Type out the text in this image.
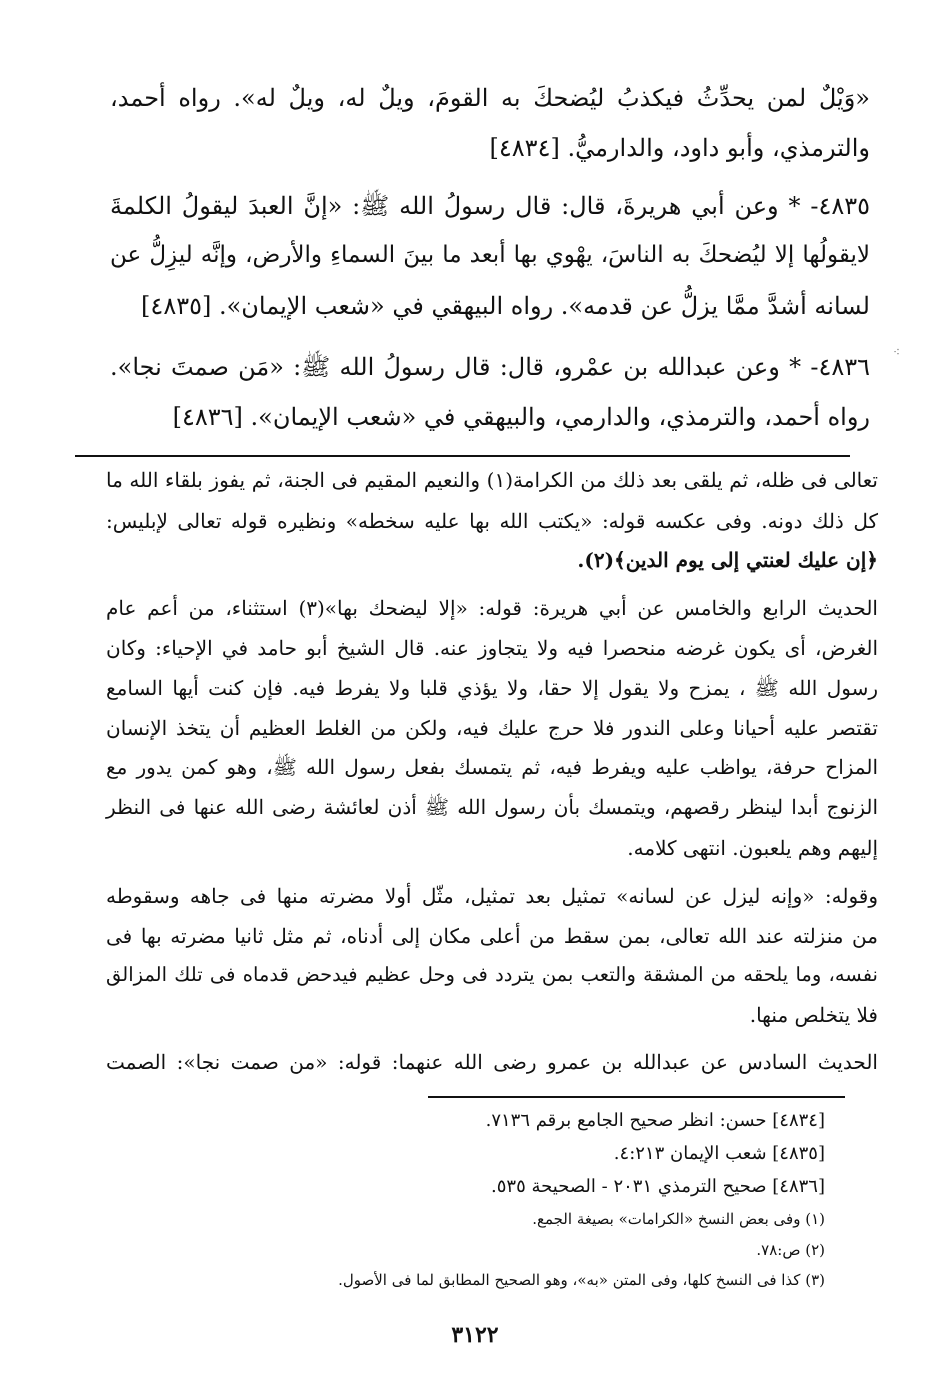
«وَيْلٌ لمن يحدِّثُ فيكذبُ ليُضحكَ به القومَ، ويلٌ له، ويلٌ له». رواه أحمد،
والترمذي، وأبو داود، والدارميُّ. [٤٨٣٤]
٤٨٣٥- * وعن أبي هريرةَ، قال: قال رسولُ الله ﷺ: «إنَّ العبدَ ليقولُ الكلمةَ
لايقولُها إلا ليُضحكَ به الناسَ، يهْوي بها أبعد ما بينَ السماءِ والأرض، وإنَّه ليزِلُّ عن
لسانه أشدَّ ممَّا يزلُّ عن قدمه». رواه البيهقي في «شعب الإيمان». [٤٨٣٥]
٤٨٣٦- * وعن عبدالله بن عمْرو، قال: قال رسولُ الله ﷺ: «مَن صمتَ نجا».
رواه أحمد، والترمذي، والدارمي، والبيهقي في «شعب الإيمان». [٤٨٣٦]
تعالى فى ظله، ثم يلقى بعد ذلك من الكرامة(١) والنعيم المقيم فى الجنة، ثم يفوز بلقاء الله ما
كل ذلك دونه. وفى عكسه قوله: «يكتب الله بها عليه سخطه» ونظيره قوله تعالى لإبليس:
﴿إن عليك لعنتي إلى يوم الدين﴾(٢).
الحديث الرابع والخامس عن أبي هريرة: قوله: «إلا ليضحك بها»(٣) استثناء، من أعم عام
الغرض، أى يكون غرضه منحصرا فيه ولا يتجاوز عنه. قال الشيخ أبو حامد في الإحياء: وكان
رسول الله ﷺ ، يمزح ولا يقول إلا حقا، ولا يؤذي قلبا ولا يفرط فيه. فإن كنت أيها السامع
تقتصر عليه أحيانا وعلى الندور فلا حرج عليك فيه، ولكن من الغلط العظيم أن يتخذ الإنسان
المزاح حرفة، يواظب عليه ويفرط فيه، ثم يتمسك بفعل رسول الله ﷺ، وهو كمن يدور مع
الزنوج أبدا لينظر رقصهم، ويتمسك بأن رسول الله ﷺ أذن لعائشة رضى الله عنها فى النظر
إليهم وهم يلعبون. انتهى كلامه.
وقوله: «وإنه ليزل عن لسانه» تمثيل بعد تمثيل، مثّل أولا مضرته منها فى جاهه وسقوطه
من منزلته عند الله تعالى، بمن سقط من أعلى مكان إلى أدناه، ثم مثل ثانيا مضرته بها فى
نفسه، وما يلحقه من المشقة والتعب بمن يتردد فى وحل عظيم فيدحض قدماه فى تلك المزالق
فلا يتخلص منها.
الحديث السادس عن عبدالله بن عمرو رضى الله عنهما: قوله: «من صمت نجا»: الصمت
[٤٨٣٤] حسن: انظر صحيح الجامع برقم ٧١٣٦.
[٤٨٣٥] شعب الإيمان ٤:٢١٣.
[٤٨٣٦] صحيح الترمذي ٢٠٣١ - الصحيحة ٥٣٥.
(١) وفى بعض النسخ «الكرامات» بصيغة الجمع.
(٢) ص:٧٨.
(٣) كذا فى النسخ كلها، وفى المتن «به»، وهو الصحيح المطابق لما فى الأصول.
٣١٢٢
⁖
